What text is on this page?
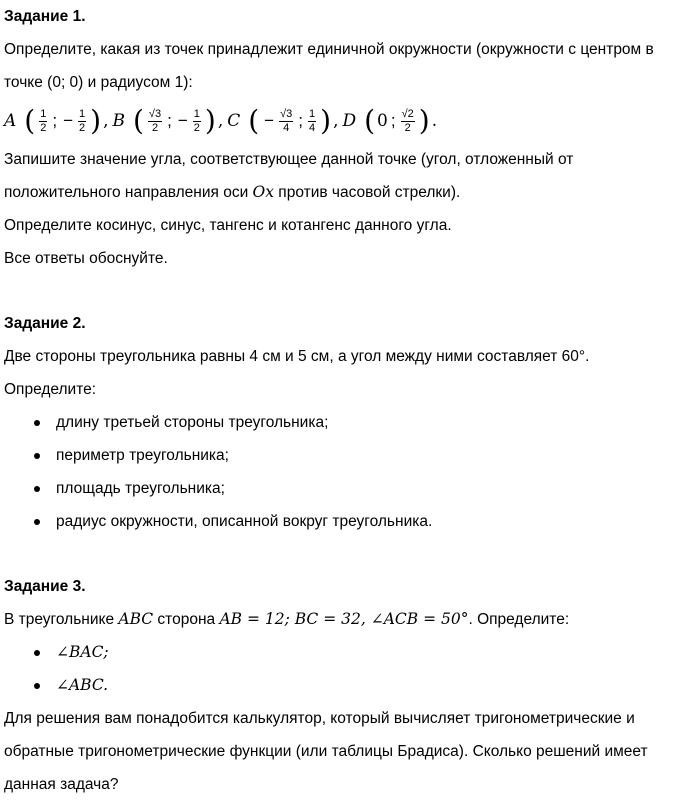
Задание 1.
Определите, какая из точек принадлежит единичной окружности (окружности с центром в
точке (0; 0) и радиусом 1):
A ( $\frac{1}{2}$ ; − $\frac{1}{2}$ ) , B ( $\frac{√3}{2}$ ; − $\frac{1}{2}$ ) , C ( − $\frac{√3}{4}$ ; $\frac{1}{4}$ ) , D ( 0 ; $\frac{√2}{2}$ ) .
Запишите значение угла, соответствующее данной точке (угол, отложенный от
положительного направления оси Ox против часовой стрелки).
Определите косинус, синус, тангенс и котангенс данного угла.
Все ответы обоснуйте.
Задание 2.
Две стороны треугольника равны 4 см и 5 см, а угол между ними составляет 60°.
Определите:
длину третьей стороны треугольника;
периметр треугольника;
площадь треугольника;
радиус окружности, описанной вокруг треугольника.
Задание 3.
В треугольнике ABC сторона AB = 12; BC = 32, ∠ACB = 50°. Определите:
∠BAC;
∠ABC.
Для решения вам понадобится калькулятор, который вычисляет тригонометрические и
обратные тригонометрические функции (или таблицы Брадиса). Сколько решений имеет
данная задача?
